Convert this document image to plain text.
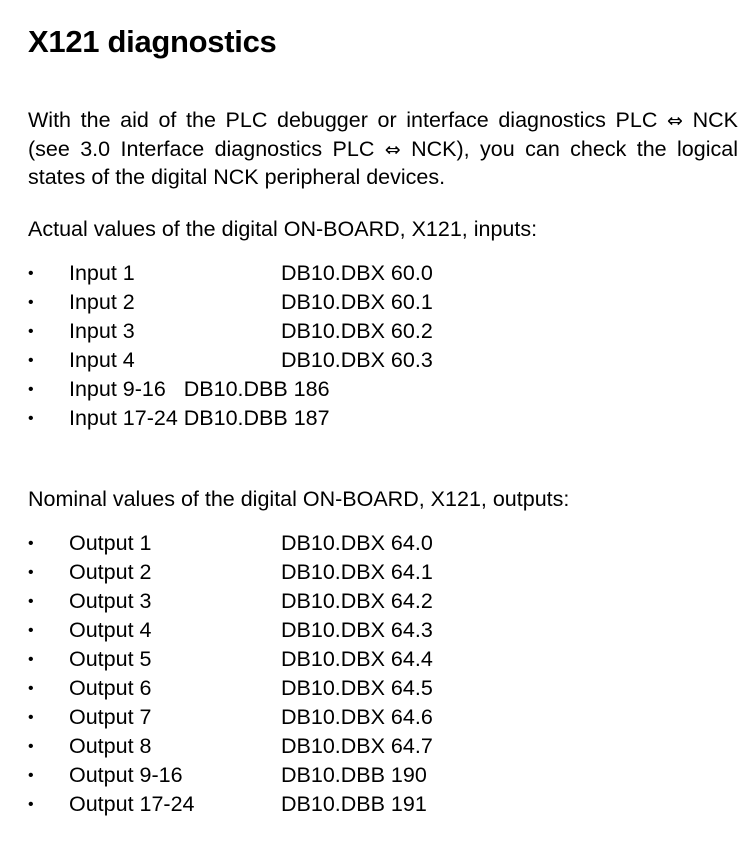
X121 diagnostics

With the aid of the PLC debugger or interface diagnostics PLC ⇔ NCK (see 3.0 Interface diagnostics PLC ⇔ NCK), you can check the logical states of the digital NCK peripheral devices.

Actual values of the digital ON-BOARD, X121, inputs:

• Input 1	DB10.DBX 60.0
• Input 2	DB10.DBX 60.1
• Input 3	DB10.DBX 60.2
• Input 4	DB10.DBX 60.3
• Input 9-16   DB10.DBB 186
• Input 17-24 DB10.DBB 187

Nominal values of the digital ON-BOARD, X121, outputs:

• Output 1	DB10.DBX 64.0
• Output 2	DB10.DBX 64.1
• Output 3	DB10.DBX 64.2
• Output 4	DB10.DBX 64.3
• Output 5	DB10.DBX 64.4
• Output 6	DB10.DBX 64.5
• Output 7	DB10.DBX 64.6
• Output 8	DB10.DBX 64.7
• Output 9-16	DB10.DBB 190
• Output 17-24	DB10.DBB 191
